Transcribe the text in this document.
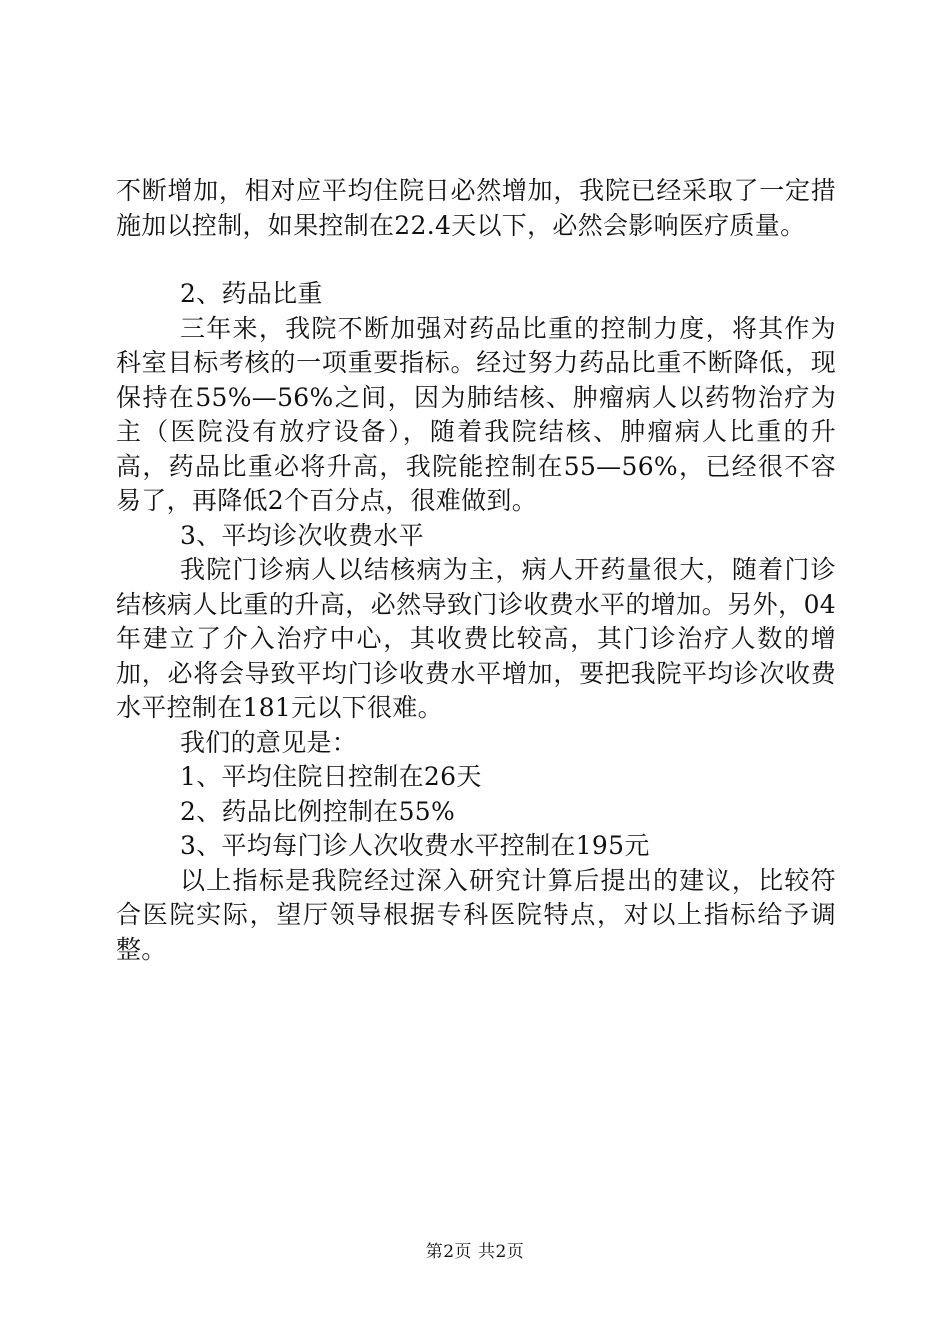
不断增加，相对应平均住院日必然增加，我院已经采取了一定措施加以控制，如果控制在22.4天以下，必然会影响医疗质量。

2、药品比重

三年来，我院不断加强对药品比重的控制力度，将其作为科室目标考核的一项重要指标。经过努力药品比重不断降低，现保持在55%—56%之间，因为肺结核、肿瘤病人以药物治疗为主（医院没有放疗设备），随着我院结核、肿瘤病人比重的升高，药品比重必将升高，我院能控制在55—56%，已经很不容易了，再降低2个百分点，很难做到。

3、平均诊次收费水平

我院门诊病人以结核病为主，病人开药量很大，随着门诊结核病人比重的升高，必然导致门诊收费水平的增加。另外，04年建立了介入治疗中心，其收费比较高，其门诊治疗人数的增加，必将会导致平均门诊收费水平增加，要把我院平均诊次收费水平控制在181元以下很难。

我们的意见是：

1、平均住院日控制在26天

2、药品比例控制在55%

3、平均每门诊人次收费水平控制在195元

以上指标是我院经过深入研究计算后提出的建议，比较符合医院实际，望厅领导根据专科医院特点，对以上指标给予调整。

第2页 共2页
